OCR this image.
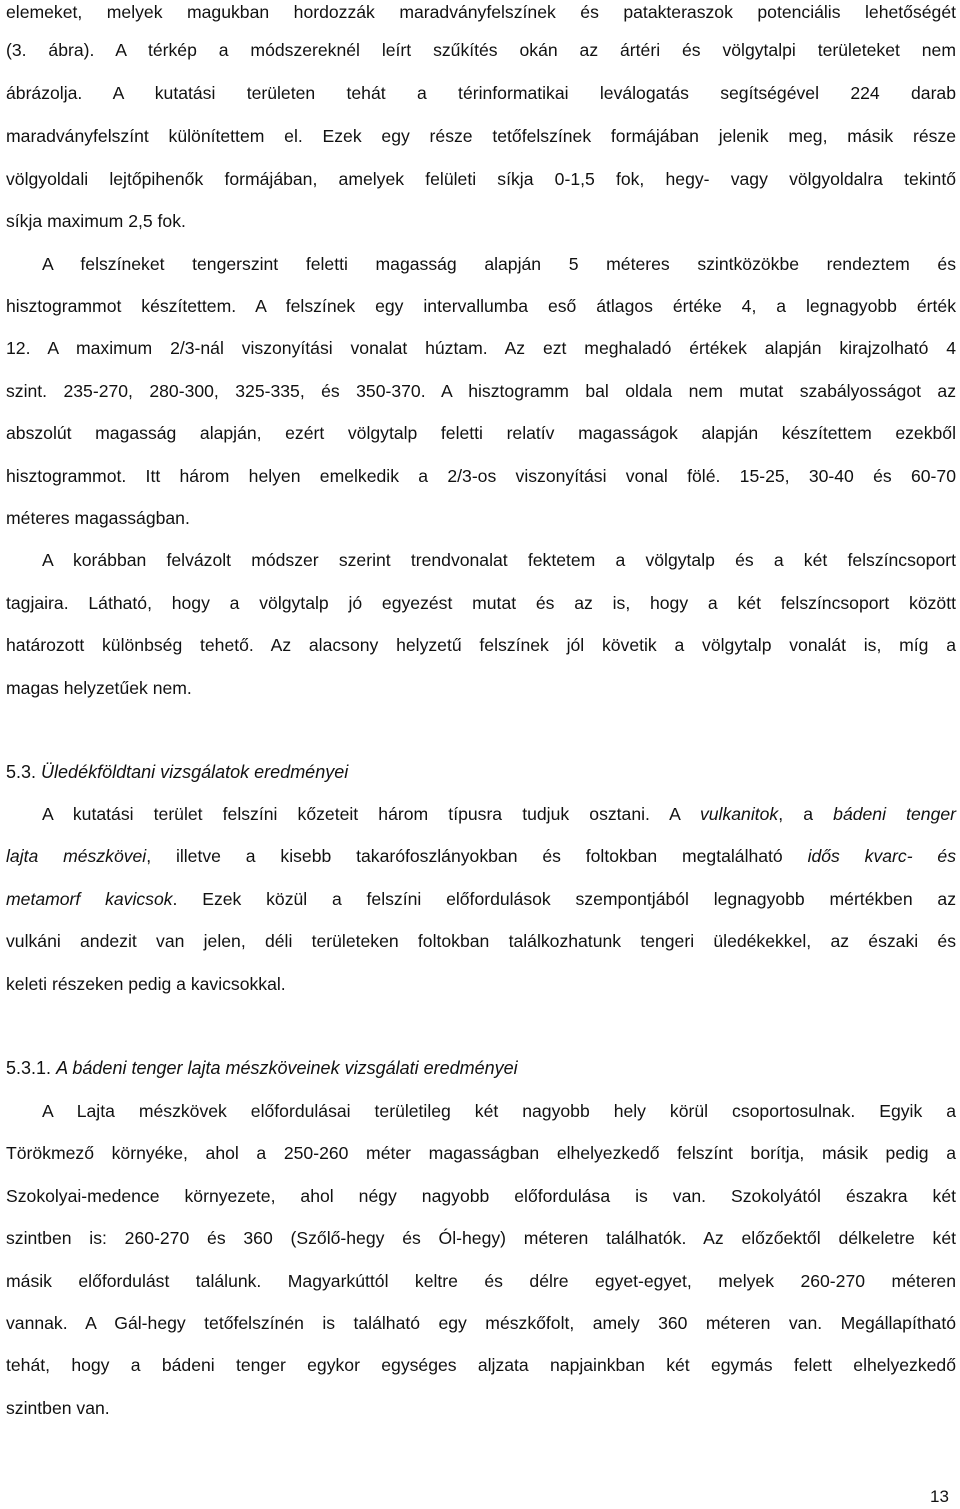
elemeket, melyek magukban hordozzák maradványfelszínek és patakteraszok potenciális lehetőségét
(3. ábra). A térkép a módszereknél leírt szűkítés okán az ártéri és völgytalpi területeket nem
ábrázolja. A kutatási területen tehát a térinformatikai leválogatás segítségével 224 darab
maradványfelszínt különítettem el. Ezek egy része tetőfelszínek formájában jelenik meg, másik része
völgyoldali lejtőpihenők formájában, amelyek felületi síkja 0-1,5 fok, hegy- vagy völgyoldalra tekintő
síkja maximum 2,5 fok.
A felszíneket tengerszint feletti magasság alapján 5 méteres szintközökbe rendeztem és
hisztogrammot készítettem. A felszínek egy intervallumba eső átlagos értéke 4, a legnagyobb érték
12. A maximum 2/3-nál viszonyítási vonalat húztam. Az ezt meghaladó értékek alapján kirajzolható 4
szint. 235-270, 280-300, 325-335, és 350-370. A hisztogramm bal oldala nem mutat szabályosságot az
abszolút magasság alapján, ezért völgytalp feletti relatív magasságok alapján készítettem ezekből
hisztogrammot. Itt három helyen emelkedik a 2/3-os viszonyítási vonal fölé. 15-25, 30-40 és 60-70
méteres magasságban.
A korábban felvázolt módszer szerint trendvonalat fektetem a völgytalp és a két felszíncsoport
tagjaira. Látható, hogy a völgytalp jó egyezést mutat és az is, hogy a két felszíncsoport között
határozott különbség tehető. Az alacsony helyzetű felszínek jól követik a völgytalp vonalát is, míg a
magas helyzetűek nem.
5.3. Üledékföldtani vizsgálatok eredményei
A kutatási terület felszíni kőzeteit három típusra tudjuk osztani. A vulkanitok, a bádeni tenger
lajta mészkövei, illetve a kisebb takarófoszlányokban és foltokban megtalálható idős kvarc- és
metamorf kavicsok. Ezek közül a felszíni előfordulások szempontjából legnagyobb mértékben az
vulkáni andezit van jelen, déli területeken foltokban találkozhatunk tengeri üledékekkel, az északi és
keleti részeken pedig a kavicsokkal.
5.3.1. A bádeni tenger lajta mészköveinek vizsgálati eredményei
A Lajta mészkövek előfordulásai területileg két nagyobb hely körül csoportosulnak. Egyik a
Törökmező környéke, ahol a 250-260 méter magasságban elhelyezkedő felszínt borítja, másik pedig a
Szokolyai-medence környezete, ahol négy nagyobb előfordulása is van. Szokolyától északra két
szintben is: 260-270 és 360 (Szőlő-hegy és Ól-hegy) méteren találhatók. Az előzőektől délkeletre két
másik előfordulást találunk. Magyarkúttól keltre és délre egyet-egyet, melyek 260-270 méteren
vannak. A Gál-hegy tetőfelszínén is található egy mészkőfolt, amely 360 méteren van. Megállapítható
tehát, hogy a bádeni tenger egykor egységes aljzata napjainkban két egymás felett elhelyezkedő
szintben van.
13
